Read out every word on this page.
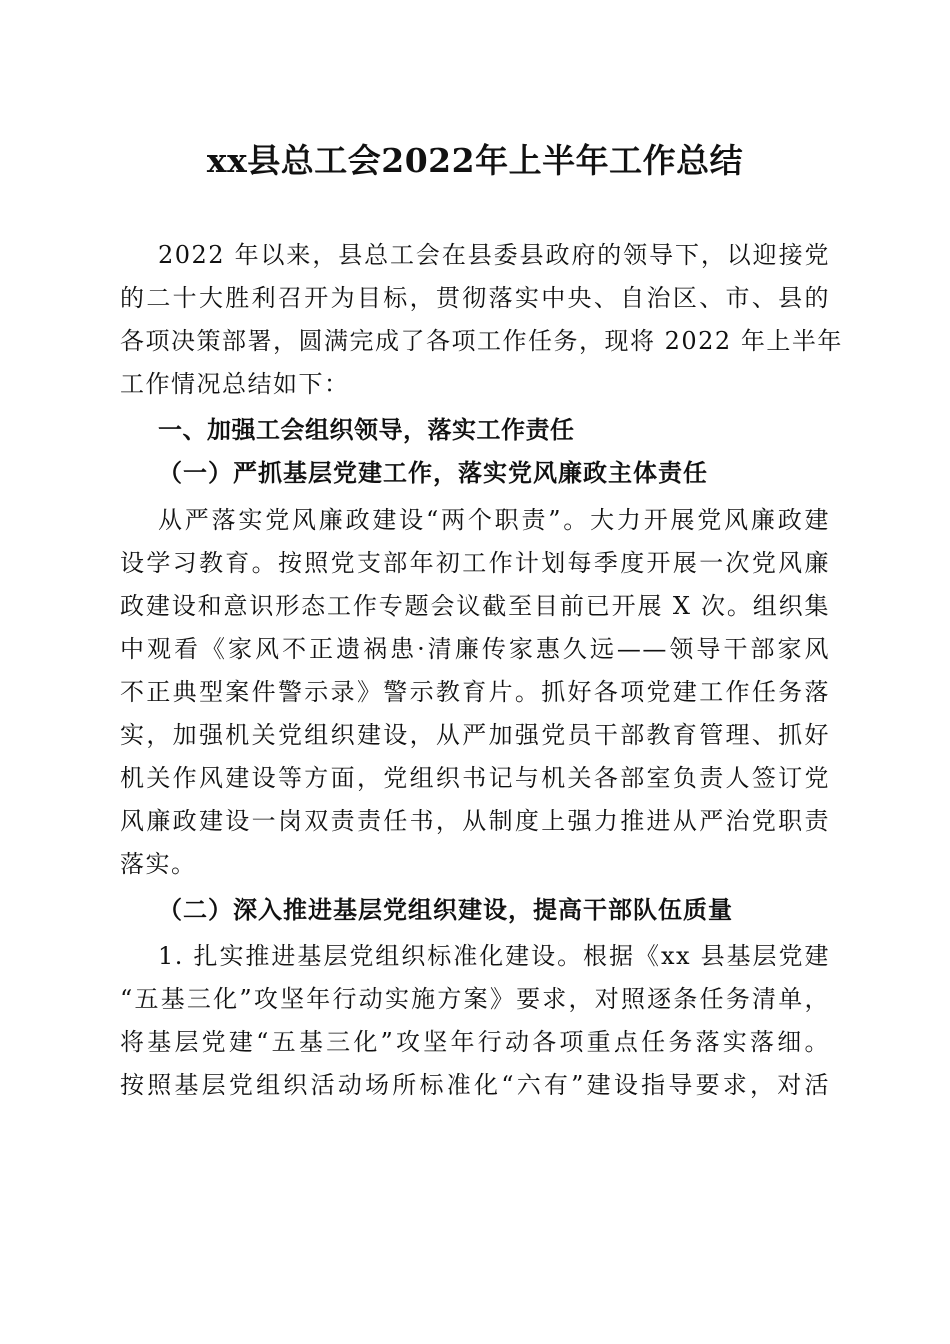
xx县总工会2022年上半年工作总结

2022 年以来，县总工会在县委县政府的领导下，以迎接党

的二十大胜利召开为目标，贯彻落实中央、自治区、市、县的

各项决策部署，圆满完成了各项工作任务，现将 2022 年上半年

工作情况总结如下：

一、加强工会组织领导，落实工作责任

（一）严抓基层党建工作，落实党风廉政主体责任

从严落实党风廉政建设“两个职责”。大力开展党风廉政建

设学习教育。按照党支部年初工作计划每季度开展一次党风廉

政建设和意识形态工作专题会议截至目前已开展 X 次。组织集

中观看《家风不正遗祸患·清廉传家惠久远——领导干部家风

不正典型案件警示录》警示教育片。抓好各项党建工作任务落

实，加强机关党组织建设，从严加强党员干部教育管理、抓好

机关作风建设等方面，党组织书记与机关各部室负责人签订党

风廉政建设一岗双责责任书，从制度上强力推进从严治党职责

落实。

（二）深入推进基层党组织建设，提高干部队伍质量

1. 扎实推进基层党组织标准化建设。根据《xx 县基层党建

“五基三化”攻坚年行动实施方案》要求，对照逐条任务清单，

将基层党建“五基三化”攻坚年行动各项重点任务落实落细。

按照基层党组织活动场所标准化“六有”建设指导要求，对活
